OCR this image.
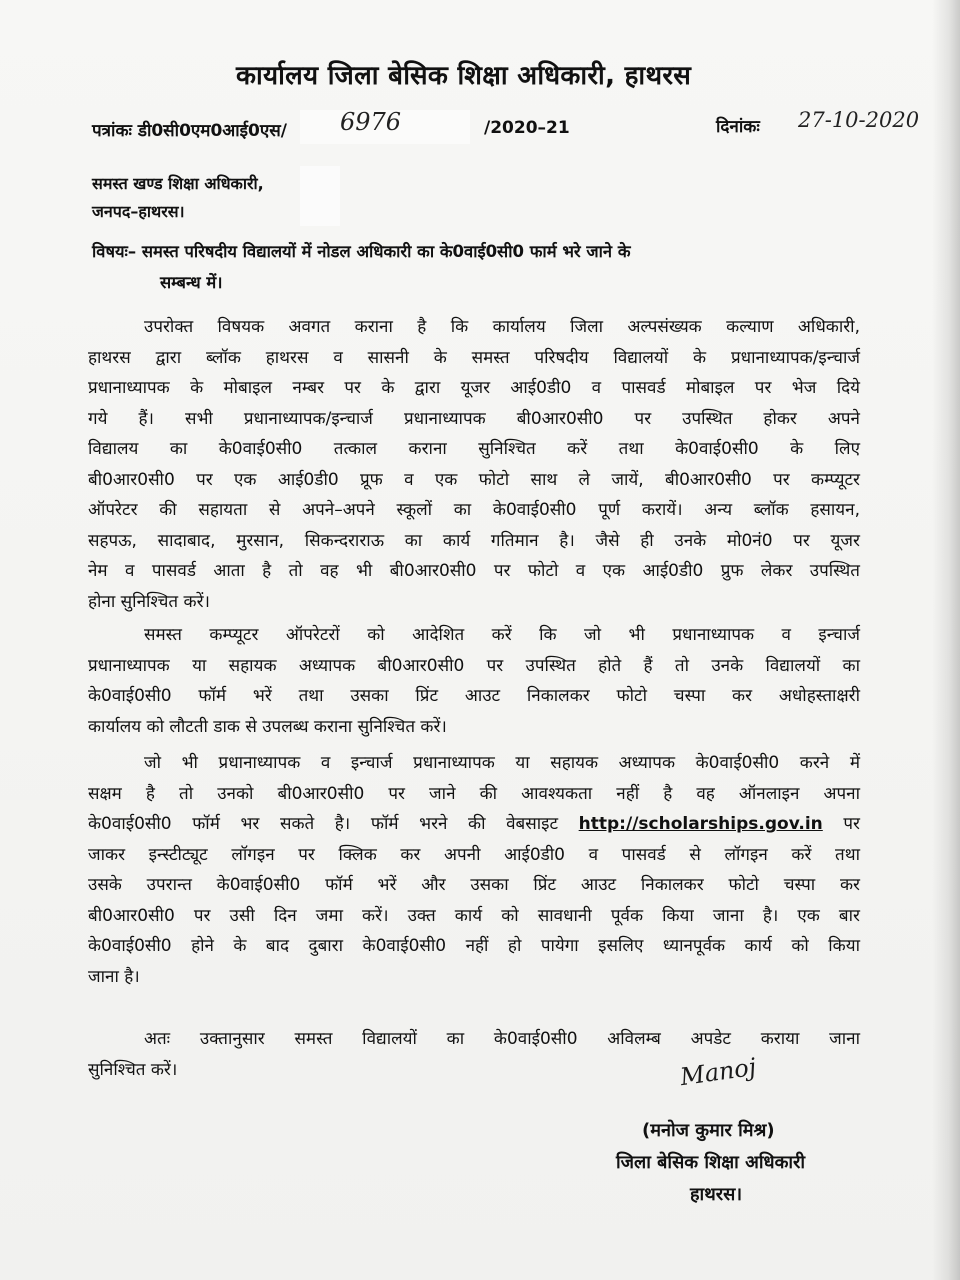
कार्यालय जिला बेसिक शिक्षा अधिकारी, हाथरस
पत्रांकः डी0सी0एम0आई0एस/ 6976	/2020–21	दिनांकः 27-10-2020
समस्त खण्ड शिक्षा अधिकारी,
जनपद–हाथरस।
विषयः– समस्त परिषदीय विद्यालयों में नोडल अधिकारी का के0वाई0सी0 फार्म भरे जाने के
सम्बन्ध में।
उपरोक्त विषयक अवगत कराना है कि कार्यालय जिला अल्पसंख्यक कल्याण अधिकारी,
हाथरस द्वारा ब्लॉक हाथरस व सासनी के समस्त परिषदीय विद्यालयों के प्रधानाध्यापक/इन्चार्ज
प्रधानाध्यापक के मोबाइल नम्बर पर के द्वारा यूजर आई0डी0 व पासवर्ड मोबाइल पर भेज दिये
गये हैं। सभी प्रधानाध्यापक/इन्चार्ज प्रधानाध्यापक बी0आर0सी0 पर उपस्थित होकर अपने
विद्यालय का के0वाई0सी0 तत्काल कराना सुनिश्चित करें तथा के0वाई0सी0 के लिए
बी0आर0सी0 पर एक आई0डी0 प्रूफ व एक फोटो साथ ले जायें, बी0आर0सी0 पर कम्प्यूटर
ऑपरेटर की सहायता से अपने–अपने स्कूलों का के0वाई0सी0 पूर्ण करायें। अन्य ब्लॉक हसायन,
सहपऊ, सादाबाद, मुरसान, सिकन्दराराऊ का कार्य गतिमान है। जैसे ही उनके मो0नं0 पर यूजर
नेम व पासवर्ड आता है तो वह भी बी0आर0सी0 पर फोटो व एक आई0डी0 प्रुफ लेकर उपस्थित
होना सुनिश्चित करें।
समस्त कम्प्यूटर ऑपरेटरों को आदेशित करें कि जो भी प्रधानाध्यापक व इन्चार्ज
प्रधानाध्यापक या सहायक अध्यापक बी0आर0सी0 पर उपस्थित होते हैं तो उनके विद्यालयों का
के0वाई0सी0 फॉर्म भरें तथा उसका प्रिंट आउट निकालकर फोटो चस्पा कर अधोहस्ताक्षरी
कार्यालय को लौटती डाक से उपलब्ध कराना सुनिश्चित करें।
जो भी प्रधानाध्यापक व इन्चार्ज प्रधानाध्यापक या सहायक अध्यापक के0वाई0सी0 करने में
सक्षम है तो उनको बी0आर0सी0 पर जाने की आवश्यकता नहीं है वह ऑनलाइन अपना
के0वाई0सी0 फॉर्म भर सकते है। फॉर्म भरने की वेबसाइट http://scholarships.gov.in पर
जाकर इन्स्टीट्यूट लॉगइन पर क्लिक कर अपनी आई0डी0 व पासवर्ड से लॉगइन करें तथा
उसके उपरान्त के0वाई0सी0 फॉर्म भरें और उसका प्रिंट आउट निकालकर फोटो चस्पा कर
बी0आर0सी0 पर उसी दिन जमा करें। उक्त कार्य को सावधानी पूर्वक किया जाना है। एक बार
के0वाई0सी0 होने के बाद दुबारा के0वाई0सी0 नहीं हो पायेगा इसलिए ध्यानपूर्वक कार्य को किया
जाना है।
अतः उक्तानुसार समस्त विद्यालयों का के0वाई0सी0 अविलम्ब अपडेट कराया जाना
सुनिश्चित करें।	Manoj
(मनोज कुमार मिश्र)
जिला बेसिक शिक्षा अधिकारी
हाथरस।
